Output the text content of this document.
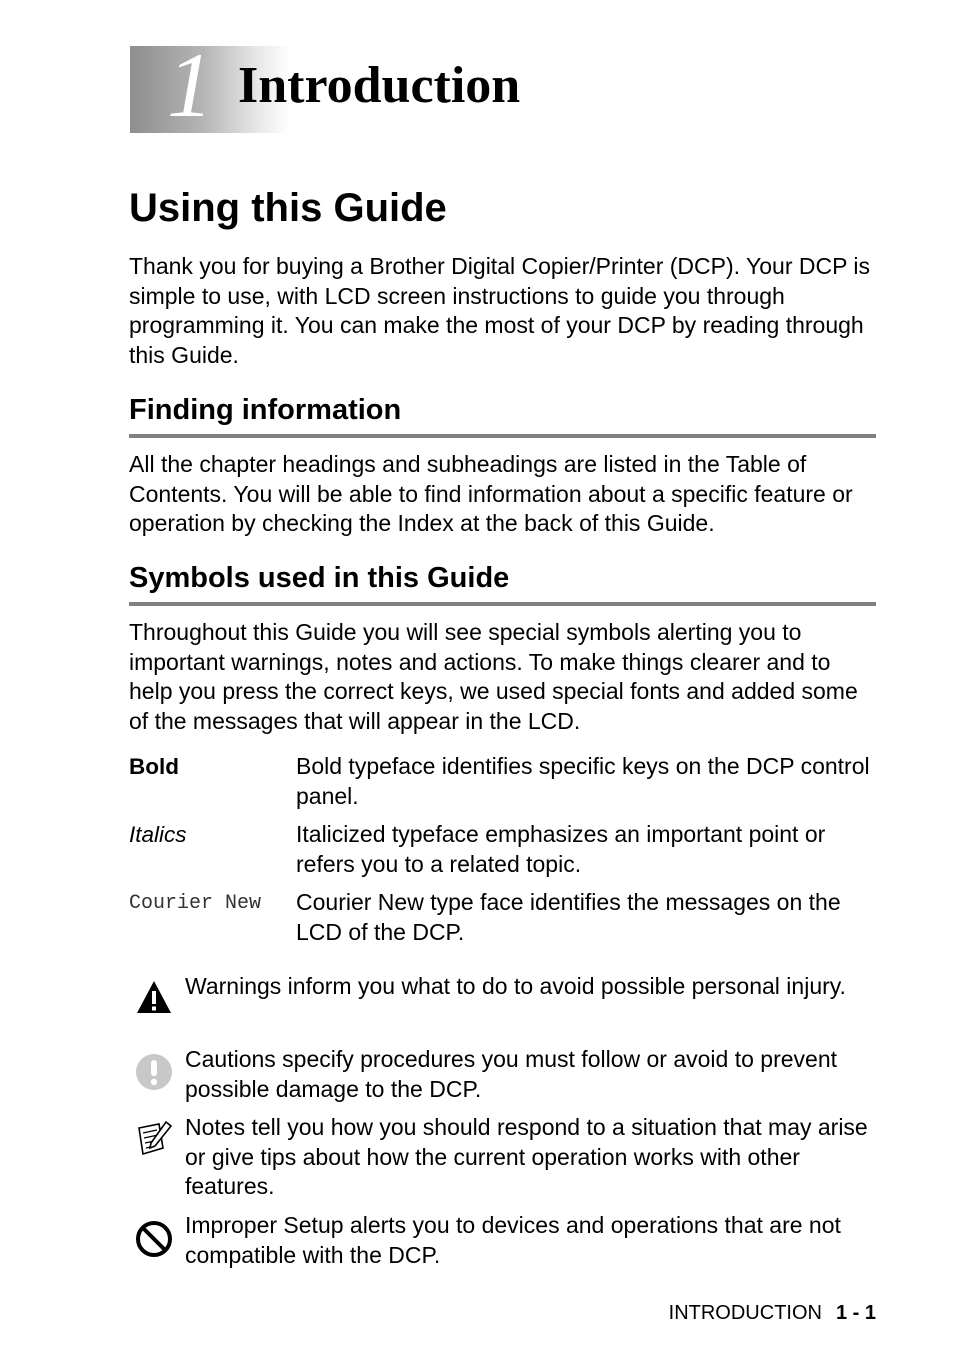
1 Introduction
Using this Guide

Thank you for buying a Brother Digital Copier/Printer (DCP). Your DCP is simple to use, with LCD screen instructions to guide you through programming it. You can make the most of your DCP by reading through this Guide.

Finding information

All the chapter headings and subheadings are listed in the Table of Contents. You will be able to find information about a specific feature or operation by checking the Index at the back of this Guide.

Symbols used in this Guide

Throughout this Guide you will see special symbols alerting you to important warnings, notes and actions. To make things clearer and to help you press the correct keys, we used special fonts and added some of the messages that will appear in the LCD.

Bold	Bold typeface identifies specific keys on the DCP control panel.
Italics	Italicized typeface emphasizes an important point or refers you to a related topic.
Courier New	Courier New type face identifies the messages on the LCD of the DCP.
Warnings inform you what to do to avoid possible personal injury.
Cautions specify procedures you must follow or avoid to prevent possible damage to the DCP.
Notes tell you how you should respond to a situation that may arise or give tips about how the current operation works with other features.
Improper Setup alerts you to devices and operations that are not compatible with the DCP.
INTRODUCTION 1 - 1
